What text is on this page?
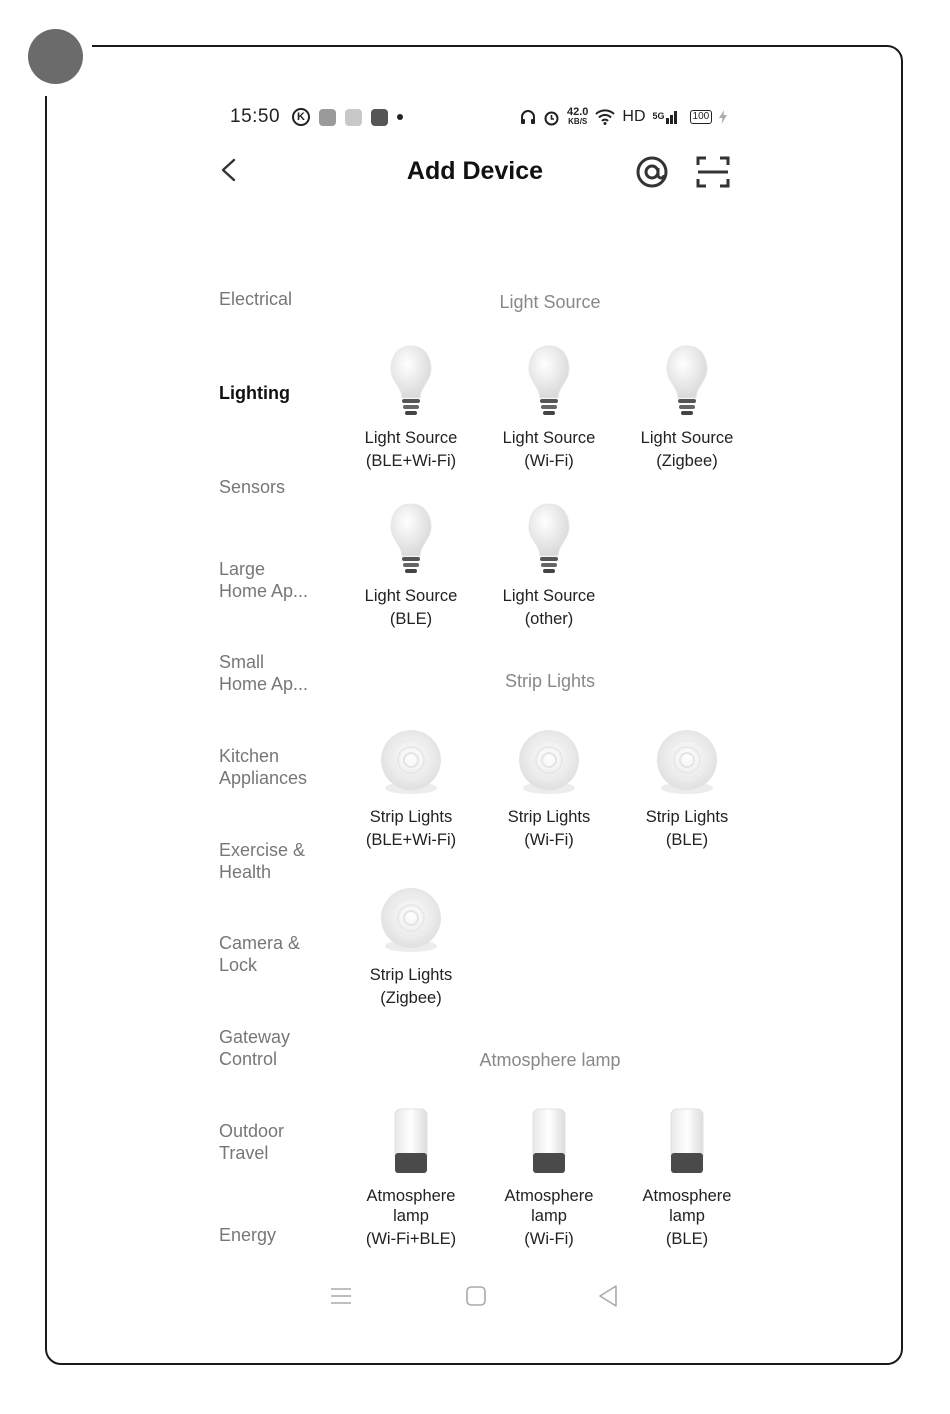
15:50	K	42.0
KB/S HD 5G	100
Add Device
Electrical
Lighting
Sensors
Large
Home Ap...
Small
Home Ap...
Kitchen
Appliances
Exercise &
Health
Camera &
Lock
Gateway
Control
Outdoor
Travel
Energy
Light Source
Light Source
(BLE+Wi-Fi)
Light Source
(Wi-Fi)
Light Source
(Zigbee)
Light Source
(BLE)
Light Source
(other)
Strip Lights
Strip Lights
(BLE+Wi-Fi)
Strip Lights
(Wi-Fi)
Strip Lights
(BLE)
Strip Lights
(Zigbee)
Atmosphere lamp
Atmosphere
lamp
(Wi-Fi+BLE)
Atmosphere
lamp
(Wi-Fi)
Atmosphere
lamp
(BLE)
